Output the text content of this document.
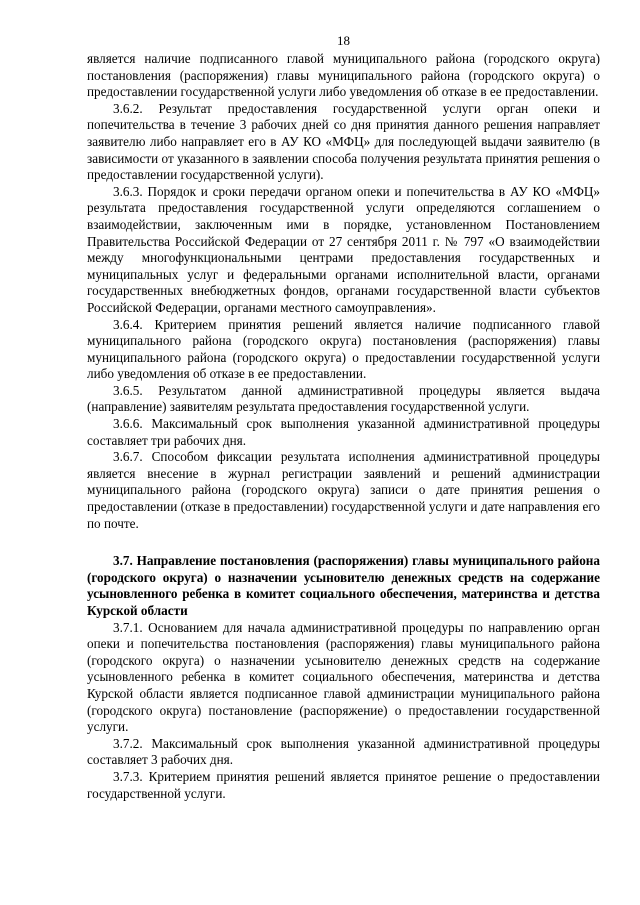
18

является наличие подписанного главой муниципального района (городского округа) постановления (распоряжения) главы муниципального района (городского округа) о предоставлении государственной услуги либо уведомления об отказе в ее предоставлении.

3.6.2. Результат предоставления государственной услуги орган опеки и попечительства в течение 3 рабочих дней со дня принятия данного решения направляет заявителю либо направляет его в АУ КО «МФЦ» для последующей выдачи заявителю (в зависимости от указанного в заявлении способа получения результата принятия решения о предоставлении государственной услуги).

3.6.3. Порядок и сроки передачи органом опеки и попечительства в АУ КО «МФЦ» результата предоставления государственной услуги определяются соглашением о взаимодействии, заключенным ими в порядке, установленном Постановлением Правительства Российской Федерации от 27 сентября 2011 г. № 797 «О взаимодействии между многофункциональными центрами предоставления государственных и муниципальных услуг и федеральными органами исполнительной власти, органами государственных внебюджетных фондов, органами государственной власти субъектов Российской Федерации, органами местного самоуправления».

3.6.4. Критерием принятия решений является наличие подписанного главой муниципального района (городского округа) постановления (распоряжения) главы муниципального района (городского округа) о предоставлении государственной услуги либо уведомления об отказе в ее предоставлении.

3.6.5. Результатом данной административной процедуры является выдача (направление) заявителям результата предоставления государственной услуги.

3.6.6. Максимальный срок выполнения указанной административной процедуры составляет три рабочих дня.

3.6.7. Способом фиксации результата исполнения административной процедуры является внесение в журнал регистрации заявлений и решений администрации муниципального района (городского округа) записи о дате принятия решения о предоставлении (отказе в предоставлении) государственной услуги и дате направления его по почте.

3.7. Направление постановления (распоряжения) главы муниципального района (городского округа) о назначении усыновителю денежных средств на содержание усыновленного ребенка в комитет социального обеспечения, материнства и детства Курской области

3.7.1. Основанием для начала административной процедуры по направлению орган опеки и попечительства постановления (распоряжения) главы муниципального района (городского округа) о назначении усыновителю денежных средств на содержание усыновленного ребенка в комитет социального обеспечения, материнства и детства Курской области является подписанное главой администрации муниципального района (городского округа) постановление (распоряжение) о предоставлении государственной услуги.

3.7.2. Максимальный срок выполнения указанной административной процедуры составляет 3 рабочих дня.

3.7.3. Критерием принятия решений является принятое решение о предоставлении государственной услуги.
